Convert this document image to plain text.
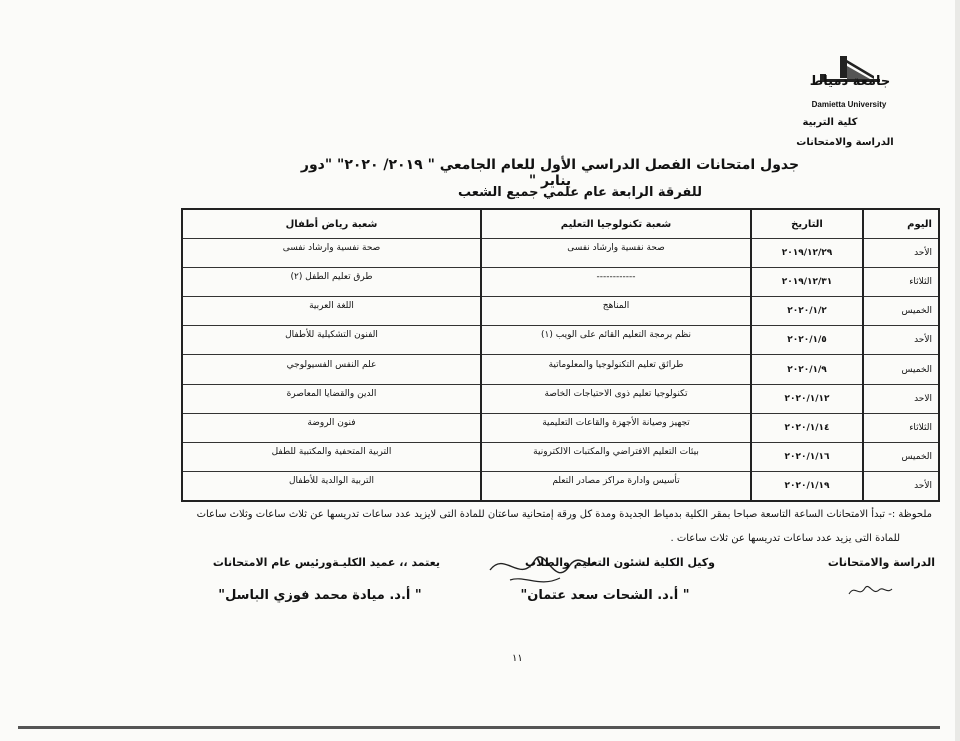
جامعة دمياط
Damietta University
كلية التربية
الدراسة والامتحانات
جدول امتحانات الفصل الدراسي الأول للعام الجامعي " ٢٠١٩/ ٢٠٢٠" "دور يناير "
للفرقة الرابعة عام علمي جميع الشعب
اليوم	التاريخ	شعبة تكنولوجيا التعليم	شعبة رياض أطفال
الأحد	٢٠١٩/١٢/٢٩	صحة نفسية وارشاد نفسى	صحة نفسية وارشاد نفسى

الثلاثاء	٢٠١٩/١٢/٣١	------------	طرق تعليم الطفل (٢)

الخميس	٢٠٢٠/١/٢	المناهج	اللغة العربية

الأحد	٢٠٢٠/١/٥	نظم برمجة التعليم القائم على الويب (١)	الفنون التشكيلية للأطفال

الخميس	٢٠٢٠/١/٩	طرائق تعليم التكنولوجيا والمعلوماتية	علم النفس الفسيولوجي

الاحد	٢٠٢٠/١/١٢	تكنولوجيا تعليم ذوى الاحتياجات الخاصة	الدين والقضايا المعاصرة

الثلاثاء	٢٠٢٠/١/١٤	تجهيز وصيانة الأجهزة والقاعات التعليمية	فنون الروضة

الخميس	٢٠٢٠/١/١٦	بيئات التعليم الافتراضي والمكتبات الالكترونية	التربية المتحفية والمكتبية للطفل

الأحد	٢٠٢٠/١/١٩	تأسيس وادارة مراكز مصادر التعلم	التربية الوالدية للأطفال
ملحوظة :- تبدأ الامتحانات الساعة التاسعة صباحا بمقر الكلية بدمياط الجديدة ومدة كل ورقة إمتحانية ساعتان للمادة التى لايزيد عدد ساعات تدريسها عن ثلاث ساعات وثلاث ساعات
للمادة التى يزيد عدد ساعات تدريسها عن ثلاث ساعات .
الدراسة والامتحانات
وكيل الكلية لشئون التعليم والطلاب
يعتمد ،، عميد الكليـةورئيس عام الامتحانات
" أ.د. الشحات سعد عتمان"
" أ.د. ميادة محمد فوزي الباسل"
١١
